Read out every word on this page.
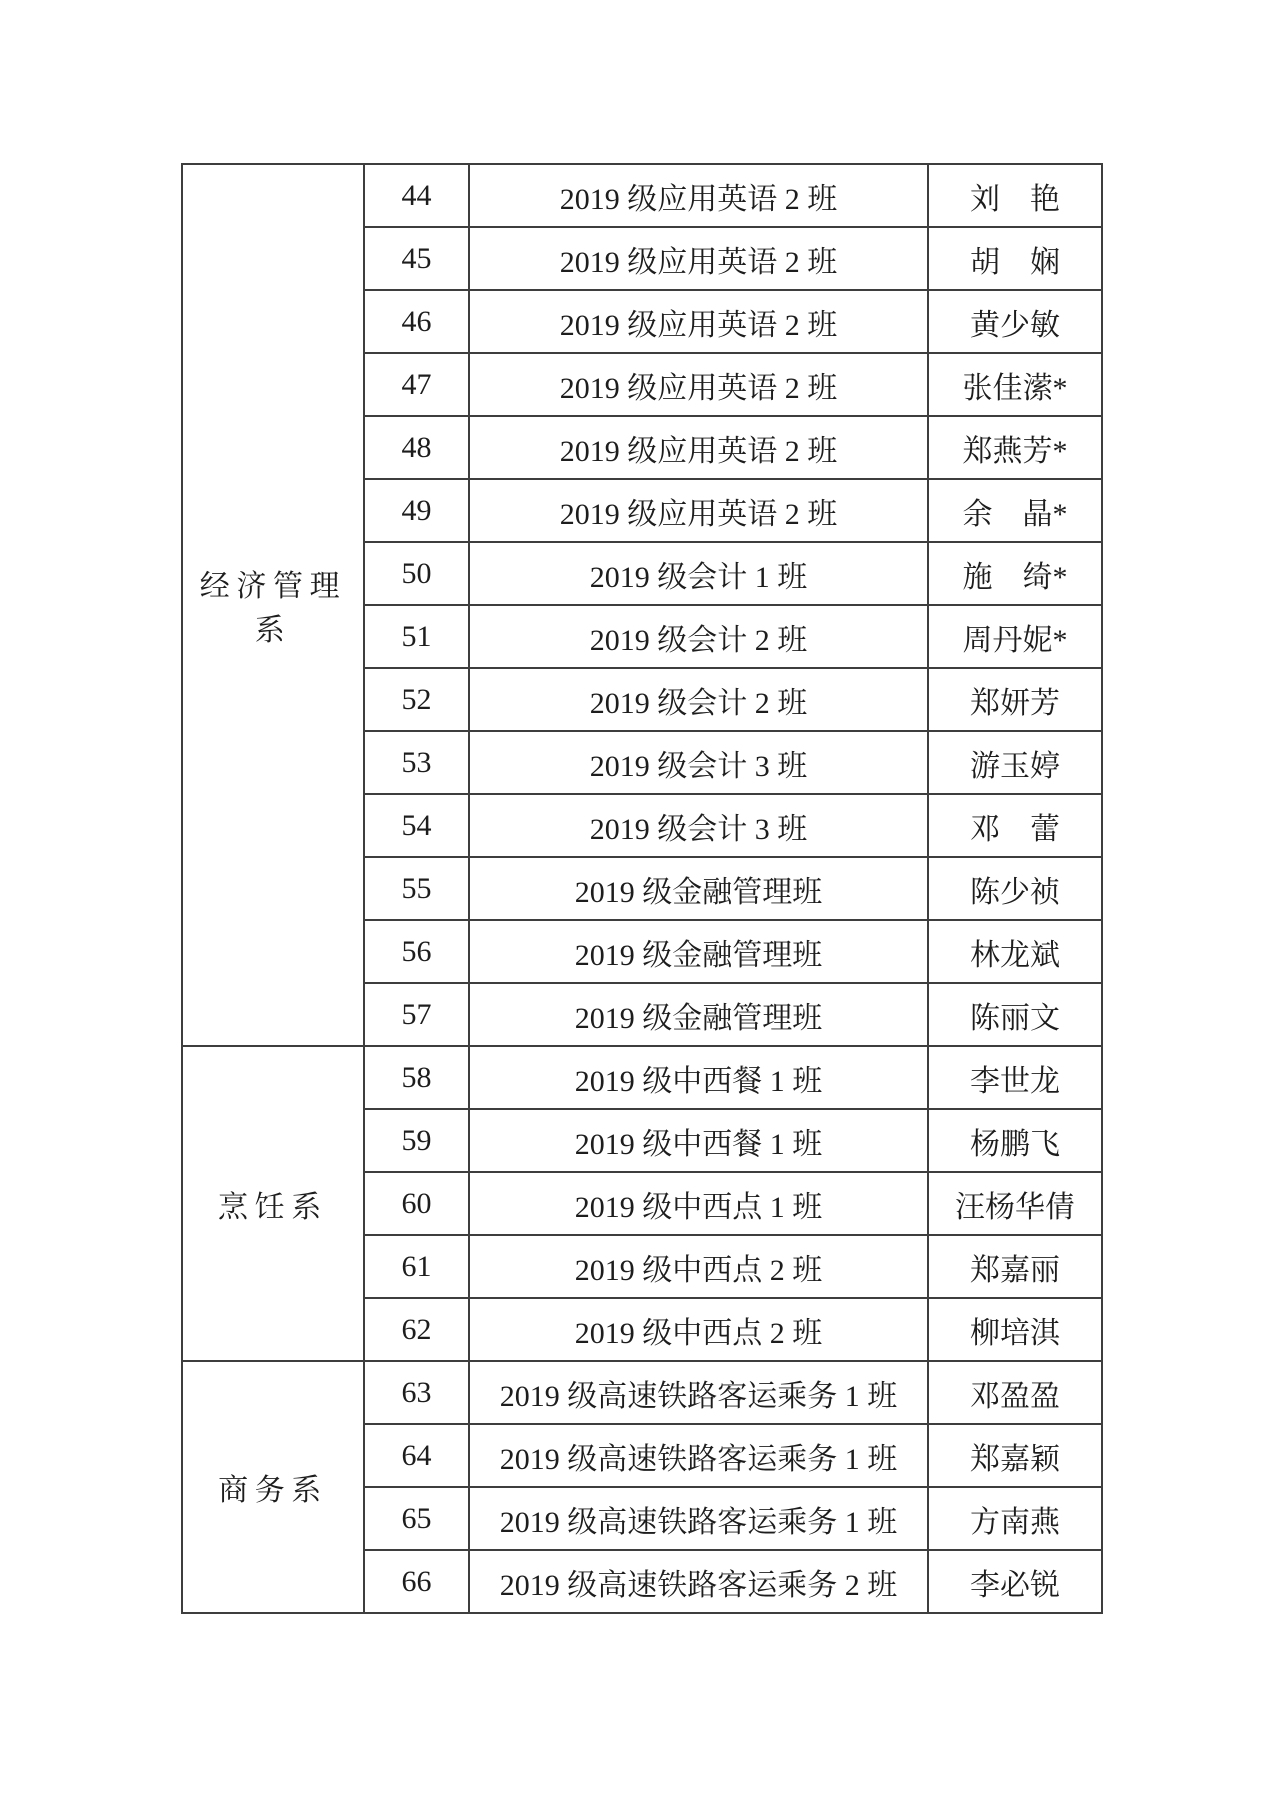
经济管理系	44	2019 级应用英语 2 班	刘    艳
	45	2019 级应用英语 2 班	胡    娴
	46	2019 级应用英语 2 班	黄少敏
	47	2019 级应用英语 2 班	张佳潆*
	48	2019 级应用英语 2 班	郑燕芳*
	49	2019 级应用英语 2 班	余    晶*
	50	2019 级会计 1 班	施    绮*
	51	2019 级会计 2 班	周丹妮*
	52	2019 级会计 2 班	郑妍芳
	53	2019 级会计 3 班	游玉婷
	54	2019 级会计 3 班	邓    蕾
	55	2019 级金融管理班	陈少祯
	56	2019 级金融管理班	林龙斌
	57	2019 级金融管理班	陈丽文
烹饪系	58	2019 级中西餐 1 班	李世龙
	59	2019 级中西餐 1 班	杨鹏飞
	60	2019 级中西点 1 班	汪杨华倩
	61	2019 级中西点 2 班	郑嘉丽
	62	2019 级中西点 2 班	柳培淇
商务系	63	2019 级高速铁路客运乘务 1 班	邓盈盈
	64	2019 级高速铁路客运乘务 1 班	郑嘉颖
	65	2019 级高速铁路客运乘务 1 班	方南燕
	66	2019 级高速铁路客运乘务 2 班	李必锐
